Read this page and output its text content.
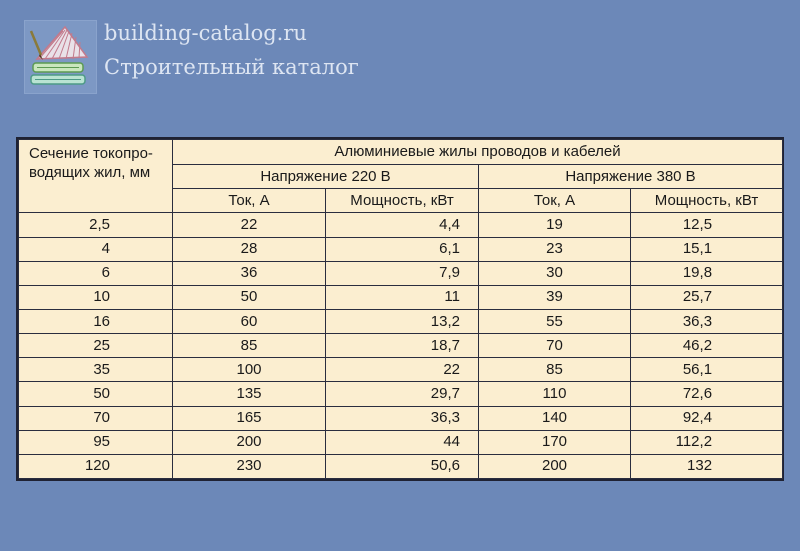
building-catalog.ru
Строительный каталог
Сечение токопро-водящих жил, мм	Алюминиевые жилы проводов и кабелей			
	Напряжение 220 В		Напряжение 380 В	
	Ток, А	Мощность, кВт	Ток, А	Мощность, кВт
2,5	22	4,4	19	12,5
4	28	6,1	23	15,1
6	36	7,9	30	19,8
10	50	11	39	25,7
16	60	13,2	55	36,3
25	85	18,7	70	46,2
35	100	22	85	56,1
50	135	29,7	110	72,6
70	165	36,3	140	92,4
95	200	44	170	112,2
120	230	50,6	200	132
